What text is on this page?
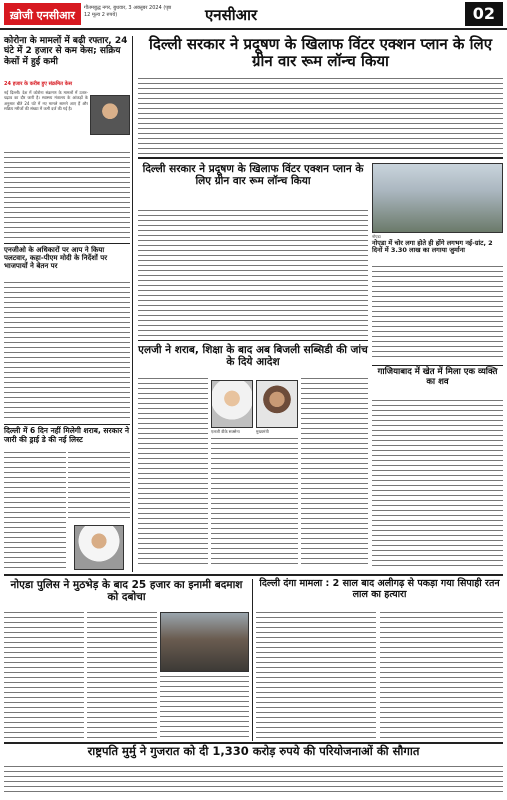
ख़ोजी एनसीआर
गौतमबुद्ध नगर, बुधवार, 3 अक्तूबर 2024 (पृष्ठ 12 मूल्य 2 रुपये)	एनसीआर	02
कोरोना के मामलों में बढ़ी रफ्तार, 24 घंटे में 2 हजार से कम केस; सक्रिय केसों में हुई कमी
24 हजार के करीब हुए संक्रमित केस
नई दिल्ली। देश में कोरोना संक्रमण के मामलों में उतार-चढ़ाव का दौर जारी है। स्वास्थ्य मंत्रालय के आंकड़ों के अनुसार बीते 24 घंटे में नए मामले सामने आए हैं और सक्रिय मरीजों की संख्या में कमी दर्ज की गई है।
एनजीओ के अधिकारों पर आप ने किया पलटवार, कहा-पीएम मोदी के निर्देशों पर भाजपायों ने बेतन पर
दिल्ली में 6 दिन नहीं मिलेगी शराब, सरकार ने जारी की ड्राई डे की नई लिस्ट
दिल्ली सरकार ने प्रदूषण के खिलाफ विंटर एक्शन प्लान के लिए ग्रीन वार रूम लॉन्च किया
दिल्ली सरकार ने प्रदूषण के खिलाफ विंटर एक्शन प्लान के लिए ग्रीन वार रूम लॉन्च किया
नोएडा
नोएडा में चोर लगा होते ही होंगे लगभग नई-ग्रांट, 2 दिनों में 3.30 लाख का लगाया जुर्माना
एलजी ने शराब, शिक्षा के बाद अब बिजली सब्सिडी की जांच के दिये आदेश
एलजी वीके सक्सेना	मुख्यमंत्री
गाजियाबाद में खेत में मिला एक व्यक्ति का शव
नोएडा पुलिस ने मुठभेड़ के बाद 25 हजार का इनामी बदमाश को दबोचा
दिल्ली दंगा मामला : 2 साल बाद अलीगढ़ से पकड़ा गया सिपाही रतन लाल का हत्यारा
राष्ट्रपति मुर्मु ने गुजरात को दी 1,330 करोड़ रुपये की परियोजनाओं की सौगात
